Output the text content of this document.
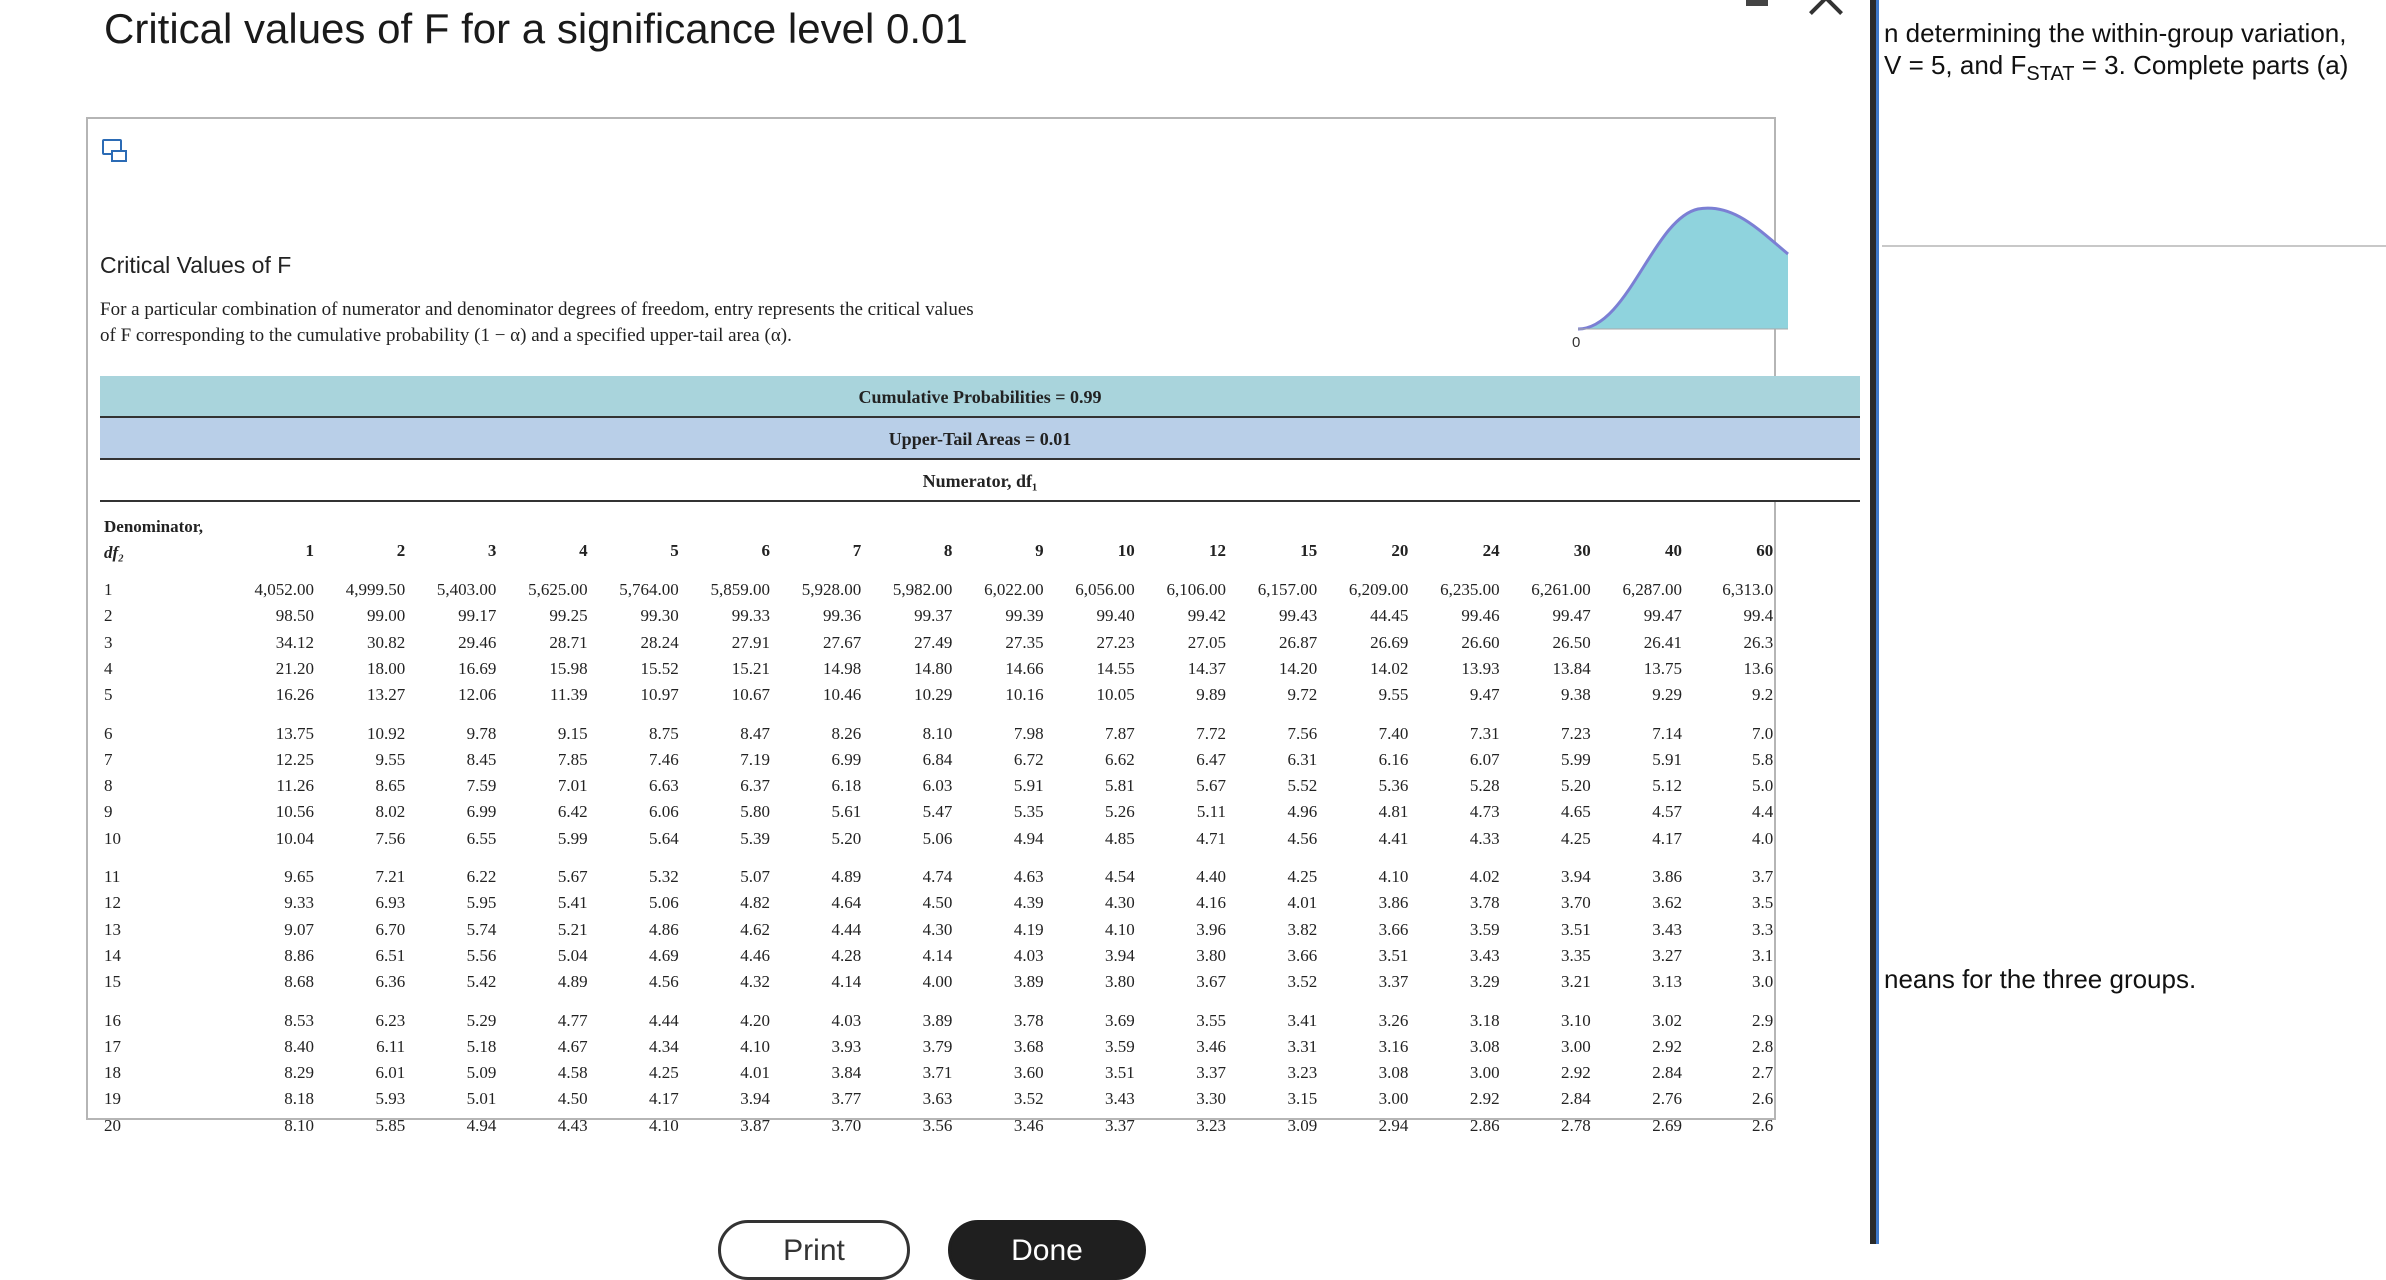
Critical values of F for a significance level 0.01
Critical Values of F
For a particular combination of numerator and denominator degrees of freedom, entry represents the critical values
of F corresponding to the cumulative probability (1 − α) and a specified upper-tail area (α).	0
Cumulative Probabilities = 0.99
Upper-Tail Areas = 0.01
Numerator, df₁
Denominator,
df₂	1	2	3	4	5	6	7	8	9	10	12	15	20	24	30	40	60
1	4,052.00	4,999.50	5,403.00	5,625.00	5,764.00	5,859.00	5,928.00	5,982.00	6,022.00	6,056.00	6,106.00	6,157.00	6,209.00	6,235.00	6,261.00	6,287.00	6,313.0
2	98.50	99.00	99.17	99.25	99.30	99.33	99.36	99.37	99.39	99.40	99.42	99.43	44.45	99.46	99.47	99.47	99.4
3	34.12	30.82	29.46	28.71	28.24	27.91	27.67	27.49	27.35	27.23	27.05	26.87	26.69	26.60	26.50	26.41	26.3
4	21.20	18.00	16.69	15.98	15.52	15.21	14.98	14.80	14.66	14.55	14.37	14.20	14.02	13.93	13.84	13.75	13.6
5	16.26	13.27	12.06	11.39	10.97	10.67	10.46	10.29	10.16	10.05	9.89	9.72	9.55	9.47	9.38	9.29	9.2
6	13.75	10.92	9.78	9.15	8.75	8.47	8.26	8.10	7.98	7.87	7.72	7.56	7.40	7.31	7.23	7.14	7.0
7	12.25	9.55	8.45	7.85	7.46	7.19	6.99	6.84	6.72	6.62	6.47	6.31	6.16	6.07	5.99	5.91	5.8
8	11.26	8.65	7.59	7.01	6.63	6.37	6.18	6.03	5.91	5.81	5.67	5.52	5.36	5.28	5.20	5.12	5.0
9	10.56	8.02	6.99	6.42	6.06	5.80	5.61	5.47	5.35	5.26	5.11	4.96	4.81	4.73	4.65	4.57	4.4
10	10.04	7.56	6.55	5.99	5.64	5.39	5.20	5.06	4.94	4.85	4.71	4.56	4.41	4.33	4.25	4.17	4.0
11	9.65	7.21	6.22	5.67	5.32	5.07	4.89	4.74	4.63	4.54	4.40	4.25	4.10	4.02	3.94	3.86	3.7
12	9.33	6.93	5.95	5.41	5.06	4.82	4.64	4.50	4.39	4.30	4.16	4.01	3.86	3.78	3.70	3.62	3.5
13	9.07	6.70	5.74	5.21	4.86	4.62	4.44	4.30	4.19	4.10	3.96	3.82	3.66	3.59	3.51	3.43	3.3
14	8.86	6.51	5.56	5.04	4.69	4.46	4.28	4.14	4.03	3.94	3.80	3.66	3.51	3.43	3.35	3.27	3.1
15	8.68	6.36	5.42	4.89	4.56	4.32	4.14	4.00	3.89	3.80	3.67	3.52	3.37	3.29	3.21	3.13	3.0
16	8.53	6.23	5.29	4.77	4.44	4.20	4.03	3.89	3.78	3.69	3.55	3.41	3.26	3.18	3.10	3.02	2.9
17	8.40	6.11	5.18	4.67	4.34	4.10	3.93	3.79	3.68	3.59	3.46	3.31	3.16	3.08	3.00	2.92	2.8
18	8.29	6.01	5.09	4.58	4.25	4.01	3.84	3.71	3.60	3.51	3.37	3.23	3.08	3.00	2.92	2.84	2.7
19	8.18	5.93	5.01	4.50	4.17	3.94	3.77	3.63	3.52	3.43	3.30	3.15	3.00	2.92	2.84	2.76	2.6
20	8.10	5.85	4.94	4.43	4.10	3.87	3.70	3.56	3.46	3.37	3.23	3.09	2.94	2.86	2.78	2.69	2.6
Print	Done
n determining the within-group variation,
V = 5, and $F_{STAT} = 3$. Complete parts (a)
neans for the three groups.
